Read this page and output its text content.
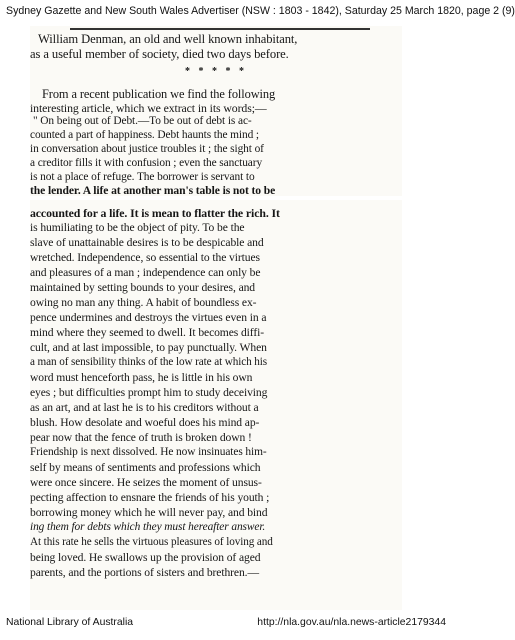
Sydney Gazette and New South Wales Advertiser (NSW : 1803 - 1842), Saturday 25 March 1820, page 2 (9)
William Denman, an old and well known inhabitant,
as a useful member of society, died two days before.
* * * * *
From a recent publication we find the following
interesting article, which we extract in its words;—
" On being out of Debt.—To be out of debt is ac-
counted a part of happiness. Debt haunts the mind ;
in conversation about justice troubles it ; the sight of
a creditor fills it with confusion ; even the sanctuary
is not a place of refuge. The borrower is servant to
the lender. A life at another man's table is not to be
accounted for a life. It is mean to flatter the rich. It
is humiliating to be the object of pity. To be the
slave of unattainable desires is to be despicable and
wretched. Independence, so essential to the virtues
and pleasures of a man ; independence can only be
maintained by setting bounds to your desires, and
owing no man any thing. A habit of boundless ex-
pence undermines and destroys the virtues even in a
mind where they seemed to dwell. It becomes diffi-
cult, and at last impossible, to pay punctually. When
a man of sensibility thinks of the low rate at which his
word must henceforth pass, he is little in his own
eyes ; but difficulties prompt him to study deceiving
as an art, and at last he is to his creditors without a
blush. How desolate and woeful does his mind ap-
pear now that the fence of truth is broken down !
Friendship is next dissolved. He now insinuates him-
self by means of sentiments and professions which
were once sincere. He seizes the moment of unsus-
pecting affection to ensnare the friends of his youth ;
borrowing money which he will never pay, and bind
ing them for debts which they must hereafter answer.
At this rate he sells the virtuous pleasures of loving and
being loved. He swallows up the provision of aged
parents, and the portions of sisters and brethren.—
National Library of Australia	http://nla.gov.au/nla.news-article2179344
